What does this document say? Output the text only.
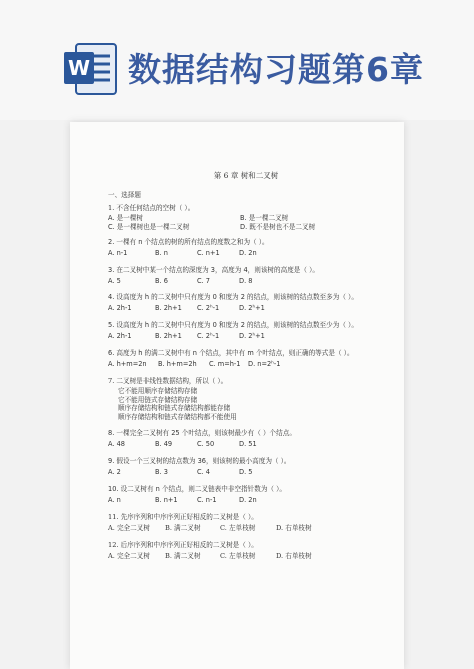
W 数据结构习题第6章
第 6 章 树和二叉树
一、选择题
1. 不含任何结点的空树（ ）。
A. 是一棵树	B. 是一棵二叉树
C. 是一棵树也是一棵二叉树	D. 既不是树也不是二叉树
2. 一棵有 n 个结点的树的所有结点的度数之和为（ ）。
A. n-1	B. n	C. n+1	D. 2n
3. 在二叉树中某一个结点的深度为 3，高度为 4，则该树的高度是（ ）。
A. 5	B. 6	C. 7	D. 8
4. 设高度为 h 的二叉树中只有度为 0 和度为 2 的结点，则该树的结点数至多为（ ）。
A. 2h-1	B. 2h+1 C. 2ʰ-1	D. 2ʰ+1
5. 设高度为 h 的二叉树中只有度为 0 和度为 2 的结点，则该树的结点数至少为（ ）。
A. 2h-1	B. 2h+1 C. 2ʰ-1	D. 2ʰ+1
6. 高度为 h 的满二叉树中有 n 个结点，其中有 m 个叶结点，则正确的等式是（ ）。
A. h+m=2n B. h+m=2h C. m=h-1 D. n=2ʰ-1
7. 二叉树是非线性数据结构，所以（ ）。
它不能用顺序存储结构存储
它不能用链式存储结构存储
顺序存储结构和链式存储结构都能存储
顺序存储结构和链式存储结构都不能使用
8. 一棵完全二叉树有 25 个叶结点，则该树最少有（ ）个结点。
A. 48	B. 49	C. 50	D. 51
9. 假设一个三叉树的结点数为 36，则该树的最小高度为（ ）。
A. 2	B. 3	C. 4	D. 5
10. 设二叉树有 n 个结点，则二叉链表中非空指针数为（ ）。
A. n	B. n+1	C. n-1	D. 2n
11. 先序序列和中序序列正好相反的二叉树是（ ）。
A. 完全二叉树 B. 满二叉树	C. 左单枝树	D. 右单枝树
12. 后序序列和中序序列正好相反的二叉树是（ ）。
A. 完全二叉树 B. 满二叉树	C. 左单枝树	D. 右单枝树
